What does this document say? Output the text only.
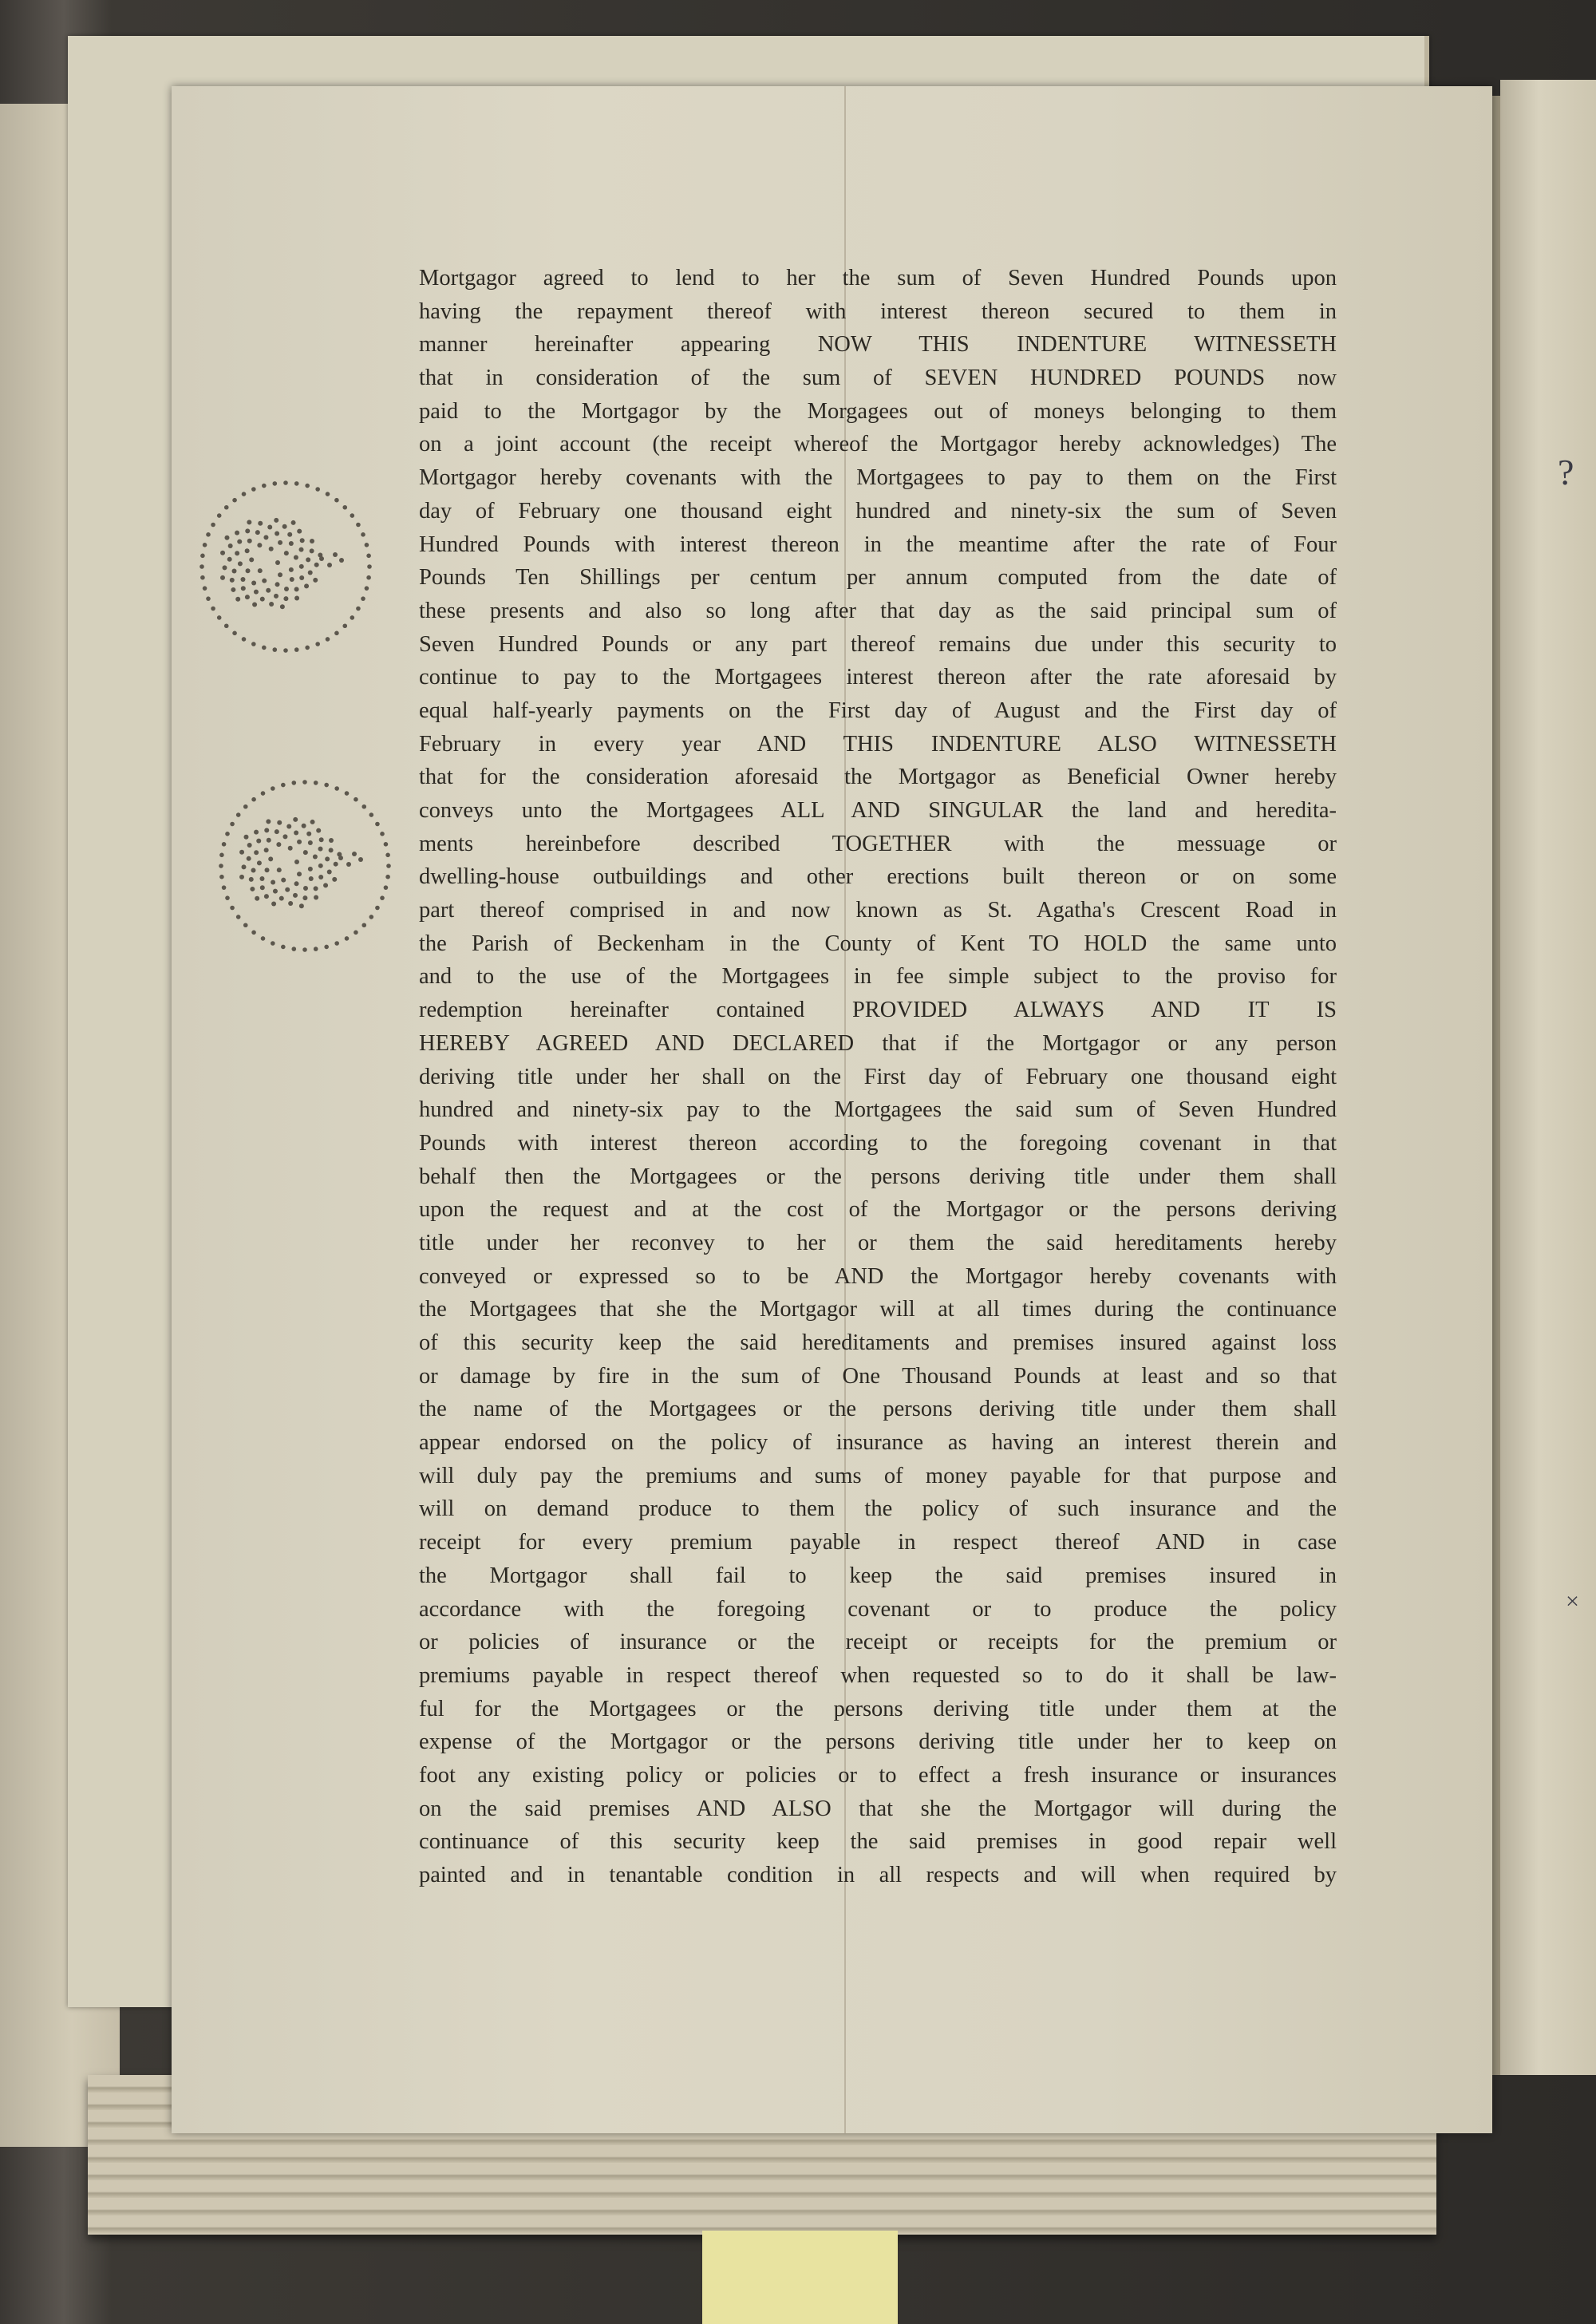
Mortgagor agreed to lend to her the sum of Seven Hundred Pounds upon
having the repayment thereof with interest thereon secured to them in
manner hereinafter appearing NOW THIS INDENTURE WITNESSETH
that in consideration of the sum of SEVEN HUNDRED POUNDS now
paid to the Mortgagor by the Morgagees out of moneys belonging to them
on a joint account (the receipt whereof the Mortgagor hereby acknowledges) The
Mortgagor hereby covenants with the Mortgagees to pay to them on the First
day of February one thousand eight hundred and ninety-six the sum of Seven
Hundred Pounds with interest thereon in the meantime after the rate of Four
Pounds Ten Shillings per centum per annum computed from the date of
these presents and also so long after that day as the said principal sum of
Seven Hundred Pounds or any part thereof remains due under this security to
continue to pay to the Mortgagees interest thereon after the rate aforesaid by
equal half-yearly payments on the First day of August and the First day of
February in every year AND THIS INDENTURE ALSO WITNESSETH
that for the consideration aforesaid the Mortgagor as Beneficial Owner hereby
conveys unto the Mortgagees ALL AND SINGULAR the land and heredita-
ments hereinbefore described TOGETHER with the messuage or
dwelling-house outbuildings and other erections built thereon or on some
part thereof comprised in and now known as St. Agatha's Crescent Road in
the Parish of Beckenham in the County of Kent TO HOLD the same unto
and to the use of the Mortgagees in fee simple subject to the proviso for
redemption hereinafter contained PROVIDED ALWAYS AND IT IS
HEREBY AGREED AND DECLARED that if the Mortgagor or any person
deriving title under her shall on the First day of February one thousand eight
hundred and ninety-six pay to the Mortgagees the said sum of Seven Hundred
Pounds with interest thereon according to the foregoing covenant in that
behalf then the Mortgagees or the persons deriving title under them shall
upon the request and at the cost of the Mortgagor or the persons deriving
title under her reconvey to her or them the said hereditaments hereby
conveyed or expressed so to be AND the Mortgagor hereby covenants with
the Mortgagees that she the Mortgagor will at all times during the continuance
of this security keep the said hereditaments and premises insured against loss
or damage by fire in the sum of One Thousand Pounds at least and so that
the name of the Mortgagees or the persons deriving title under them shall
appear endorsed on the policy of insurance as having an interest therein and
will duly pay the premiums and sums of money payable for that purpose and
will on demand produce to them the policy of such insurance and the
receipt for every premium payable in respect thereof AND in case
the Mortgagor shall fail to keep the said premises insured in
accordance with the foregoing covenant or to produce the policy
or policies of insurance or the receipt or receipts for the premium or
premiums payable in respect thereof when requested so to do it shall be law-
ful for the Mortgagees or the persons deriving title under them at the
expense of the Mortgagor or the persons deriving title under her to keep on
foot any existing policy or policies or to effect a fresh insurance or insurances
on the said premises AND ALSO that she the Mortgagor will during the
continuance of this security keep the said premises in good repair well
painted and in tenantable condition in all respects and will when required by
?
×
